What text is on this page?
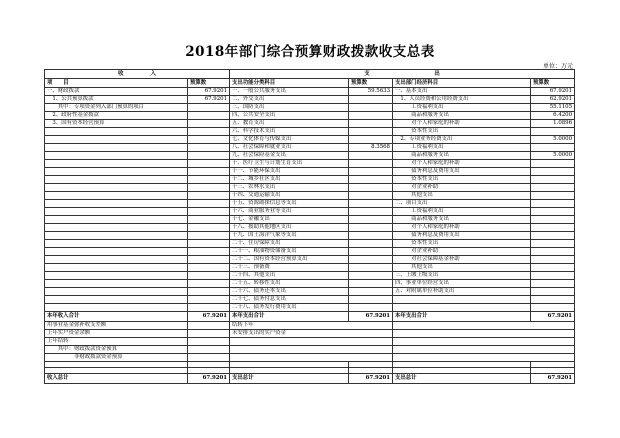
2018年部门综合预算财政拨款收支总表
单位：万元
收　　　　　入		支　　　　　　　　　　　　出			
项　　目	预算数	支出功能分类科目	预算数	支出部门经济科目	预算数
一、财政拨款	67.9201	一、一般公共服务支出	59.5633	一、基本支出	67.9201
　1、公共预算拨款	67.9201	二、外交支出		　1、人员经费和公用经费支出	62.9201
　　其中：专项资金列入部门预算的项目		三、国防支出		　　　工资福利支出	55.1105
　2、政府性基金拨款		四、公共安全支出		　　　商品和服务支出	6.4200
　3、国有资本经营预算		五、教育支出		　　　对个人和家庭的补助	1.0896
		六、科学技术支出		　　　资本性支出	
		七、文化体育与传媒支出		　2、专项业务经费支出	5.0000
		八、社会保障和就业支出	8.3568	　　　工资福利支出	
		九、社会保险基金支出		　　　商品和服务支出	5.0000
		十、医疗卫生与计划生育支出		　　　对个人和家庭的补助	
		十一、节能环保支出		　　　债务利息及费用支出	
		十二、城乡社区支出		　　　资本性支出	
		十三、农林水支出		　　　对企业补助	
		十四、交通运输支出		　　　其他支出	
		十五、资源勘探信息等支出		二、项目支出	
		十六、商业服务业等支出		　　　工资福利支出	
		十七、金融支出		　　　商品和服务支出	
		十八、援助其他地区支出		　　　对个人和家庭的补助	
		十九、国土海洋气象等支出		　　　债务利息及费用支出	
		二十、住房保障支出		　　　资本性支出	
		二十一、粮油物资储备支出		　　　对企业补助	
		二十二、国有资本经营预算支出		　　　对社会保障基金补助	
		二十三、预备费		　　　其他支出	
		二十四、其他支出		三、上缴上级支出	
		二十五、转移性支出		四、事业单位经营支出	
		二十六、债务还本支出		五、对附属单位补助支出	
		二十七、债务付息支出			
		二十八、债务发行费用支出			
本年收入合计	67.9201	本年支出合计	67.9201	本年支出合计	67.9201
用事业基金弥补收支差额		结转下年			
上年实户资金余额		未安排支出的实户资金			
上年结转					
　　其中：财政拨款资金预算					
　　　　　非财政拨款资金预算					

收入总计	67.9201	支出总计	67.9201	支出总计	67.9201
